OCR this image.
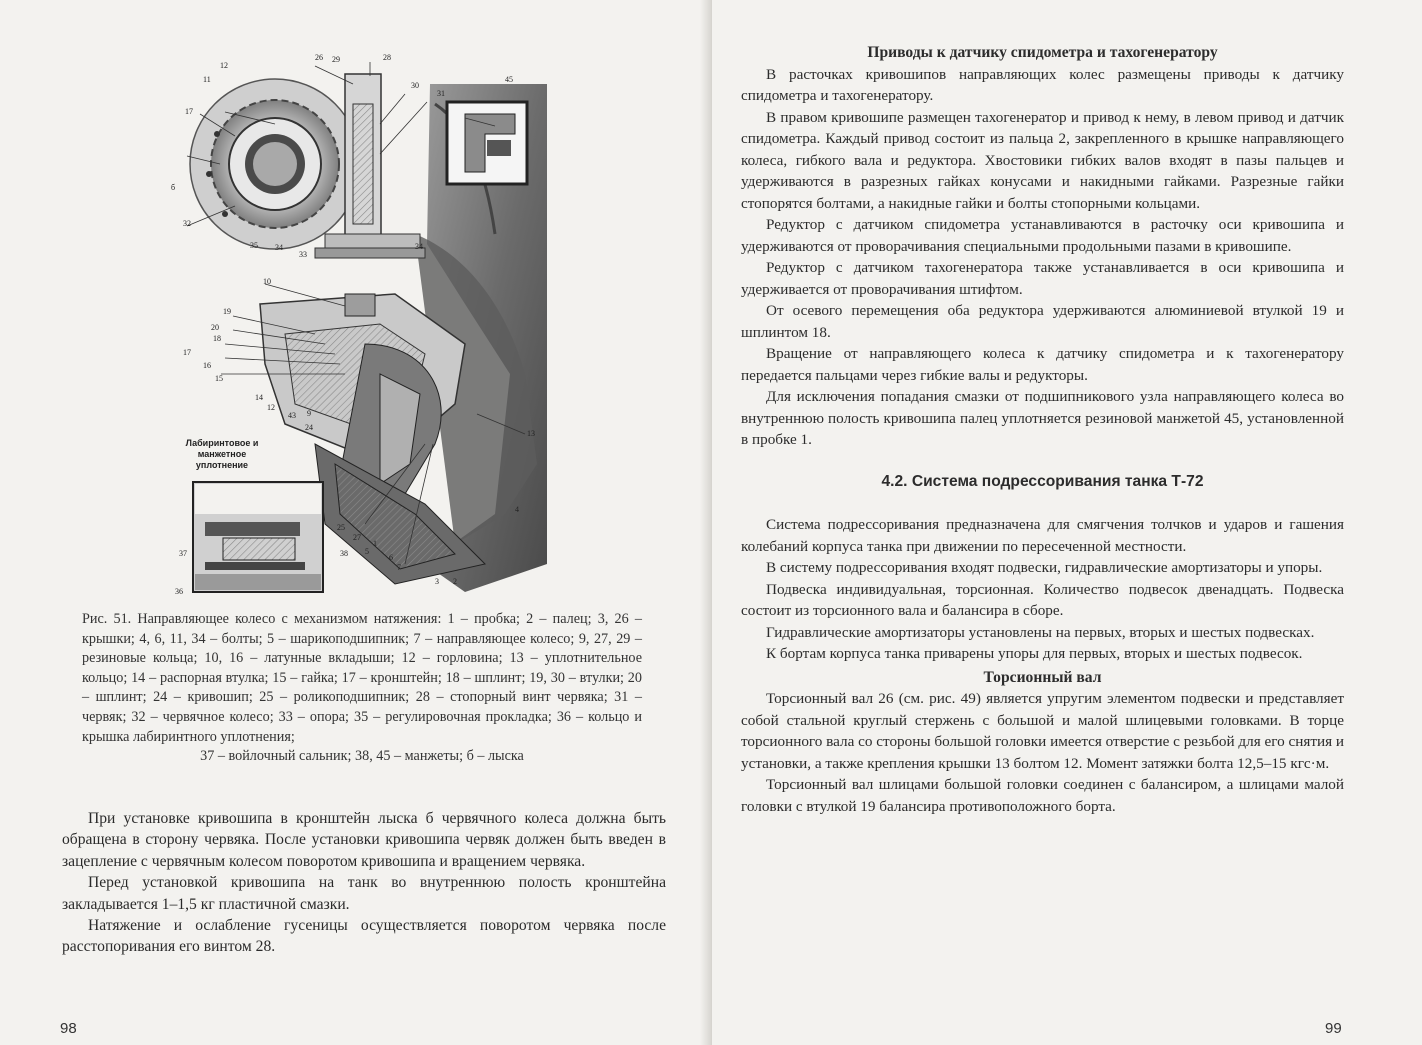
26 29	28
12
11
17
б
32
35 34
33
30
31
45
34
10
19
20
18
17
16
15
14
12
43 9
24
13
4
25
27
1
5
6
7
3 2
37	38
36
Лабиринтовое и манжетное уплотнение
Рис. 51. Направляющее колесо с механизмом натяжения: 1 – пробка; 2 – палец; 3, 26 – крышки; 4, 6, 11, 34 – болты; 5 – шарикоподшипник; 7 – направляющее колесо; 9, 27, 29 – резиновые кольца; 10, 16 – латунные вкладыши; 12 – горловина; 13 – уплотнительное кольцо; 14 – распорная втулка; 15 – гайка; 17 – кронштейн; 18 – шплинт; 19, 30 – втулки; 20 – шплинт; 24 – кривошип; 25 – роликоподшипник; 28 – стопорный винт червяка; 31 – червяк; 32 – червячное колесо; 33 – опора; 35 – регулировочная прокладка; 36 – кольцо и крышка лабиринтного уплотнения;
37 – войлочный сальник; 38, 45 – манжеты; б – лыска

При установке кривошипа в кронштейн лыска б червячного колеса должна быть обращена в сторону червяка. После установки кривошипа червяк должен быть введен в зацепление с червячным колесом поворотом кривошипа и вращением червяка.

Перед установкой кривошипа на танк во внутреннюю полость кронштейна закладывается 1–1,5 кг пластичной смазки.

Натяжение и ослабление гусеницы осуществляется поворотом червяка после расстопоривания его винтом 28.

98	99

Приводы к датчику спидометра и тахогенератору

В расточках кривошипов направляющих колес размещены приводы к датчику спидометра и тахогенератору.

В правом кривошипе размещен тахогенератор и привод к нему, в левом привод и датчик спидометра. Каждый привод состоит из пальца 2, закрепленного в крышке направляющего колеса, гибкого вала и редуктора. Хвостовики гибких валов входят в пазы пальцев и удерживаются в разрезных гайках конусами и накидными гайками. Разрезные гайки стопорятся болтами, а накидные гайки и болты стопорными кольцами.

Редуктор с датчиком спидометра устанавливаются в расточку оси кривошипа и удерживаются от проворачивания специальными продольными пазами в кривошипе.

Редуктор с датчиком тахогенератора также устанавливается в оси кривошипа и удерживается от проворачивания штифтом.

От осевого перемещения оба редуктора удерживаются алюминиевой втулкой 19 и шплинтом 18.

Вращение от направляющего колеса к датчику спидометра и к тахогенератору передается пальцами через гибкие валы и редукторы.

Для исключения попадания смазки от подшипникового узла направляющего колеса во внутреннюю полость кривошипа палец уплотняется резиновой манжетой 45, установленной в пробке 1.

4.2. Система подрессоривания танка Т-72

Система подрессоривания предназначена для смягчения толчков и ударов и гашения колебаний корпуса танка при движении по пересеченной местности.

В систему подрессоривания входят подвески, гидравлические амортизаторы и упоры.

Подвеска индивидуальная, торсионная. Количество подвесок двенадцать. Подвеска состоит из торсионного вала и балансира в сборе.

Гидравлические амортизаторы установлены на первых, вторых и шестых подвесках.

К бортам корпуса танка приварены упоры для первых, вторых и шестых подвесок.

Торсионный вал

Торсионный вал 26 (см. рис. 49) является упругим элементом подвески и представляет собой стальной круглый стержень с большой и малой шлицевыми головками. В торце торсионного вала со стороны большой головки имеется отверстие с резьбой для его снятия и установки, а также крепления крышки 13 болтом 12. Момент затяжки болта 12,5–15 кгс·м.

Торсионный вал шлицами большой головки соединен с балансиром, а шлицами малой головки с втулкой 19 балансира противоположного борта.
